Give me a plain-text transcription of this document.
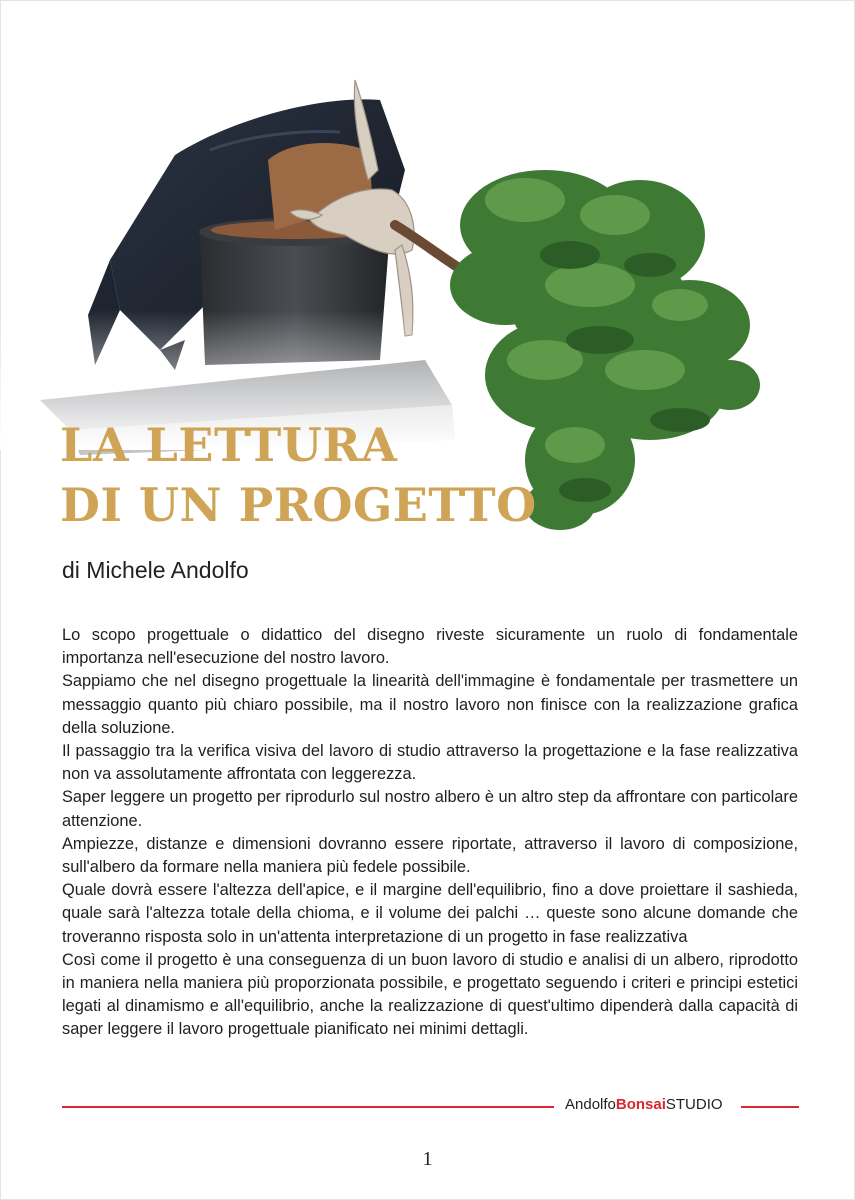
LA LETTURA
DI UN PROGETTO
di Michele Andolfo

Lo scopo progettuale o didattico del disegno riveste sicuramente un ruolo di fondamentale importanza nell'esecuzione del nostro lavoro.

Sappiamo che nel disegno progettuale la linearità dell'immagine è fondamentale per trasmettere un messaggio quanto più chiaro possibile, ma il nostro lavoro non finisce con la realizzazione grafica della soluzione.

Il passaggio tra la verifica visiva del lavoro di studio attraverso la progettazione e la fase realizzativa non va assolutamente affrontata con leggerezza.

Saper leggere un progetto per riprodurlo sul nostro albero è un altro step da affrontare con particolare attenzione.

Ampiezze, distanze e dimensioni dovranno essere riportate, attraverso il lavoro di composizione, sull'albero da formare nella maniera più fedele possibile.

Quale dovrà essere l'altezza dell'apice, e il margine dell'equilibrio, fino a dove proiettare il sashieda, quale sarà l'altezza totale della chioma, e il volume dei palchi … queste sono alcune domande che troveranno risposta solo in un'attenta interpretazione di un progetto in fase realizzativa

Così come il progetto è una conseguenza di un buon lavoro di studio e analisi di un albero, riprodotto in maniera nella maniera più proporzionata possibile, e progettato seguendo i criteri e principi estetici legati al dinamismo e all'equilibrio, anche la realizzazione di quest'ultimo dipenderà dalla capacità di saper leggere il lavoro progettuale pianificato nei minimi dettagli.

AndolfoBonsaiSTUDIO
1
